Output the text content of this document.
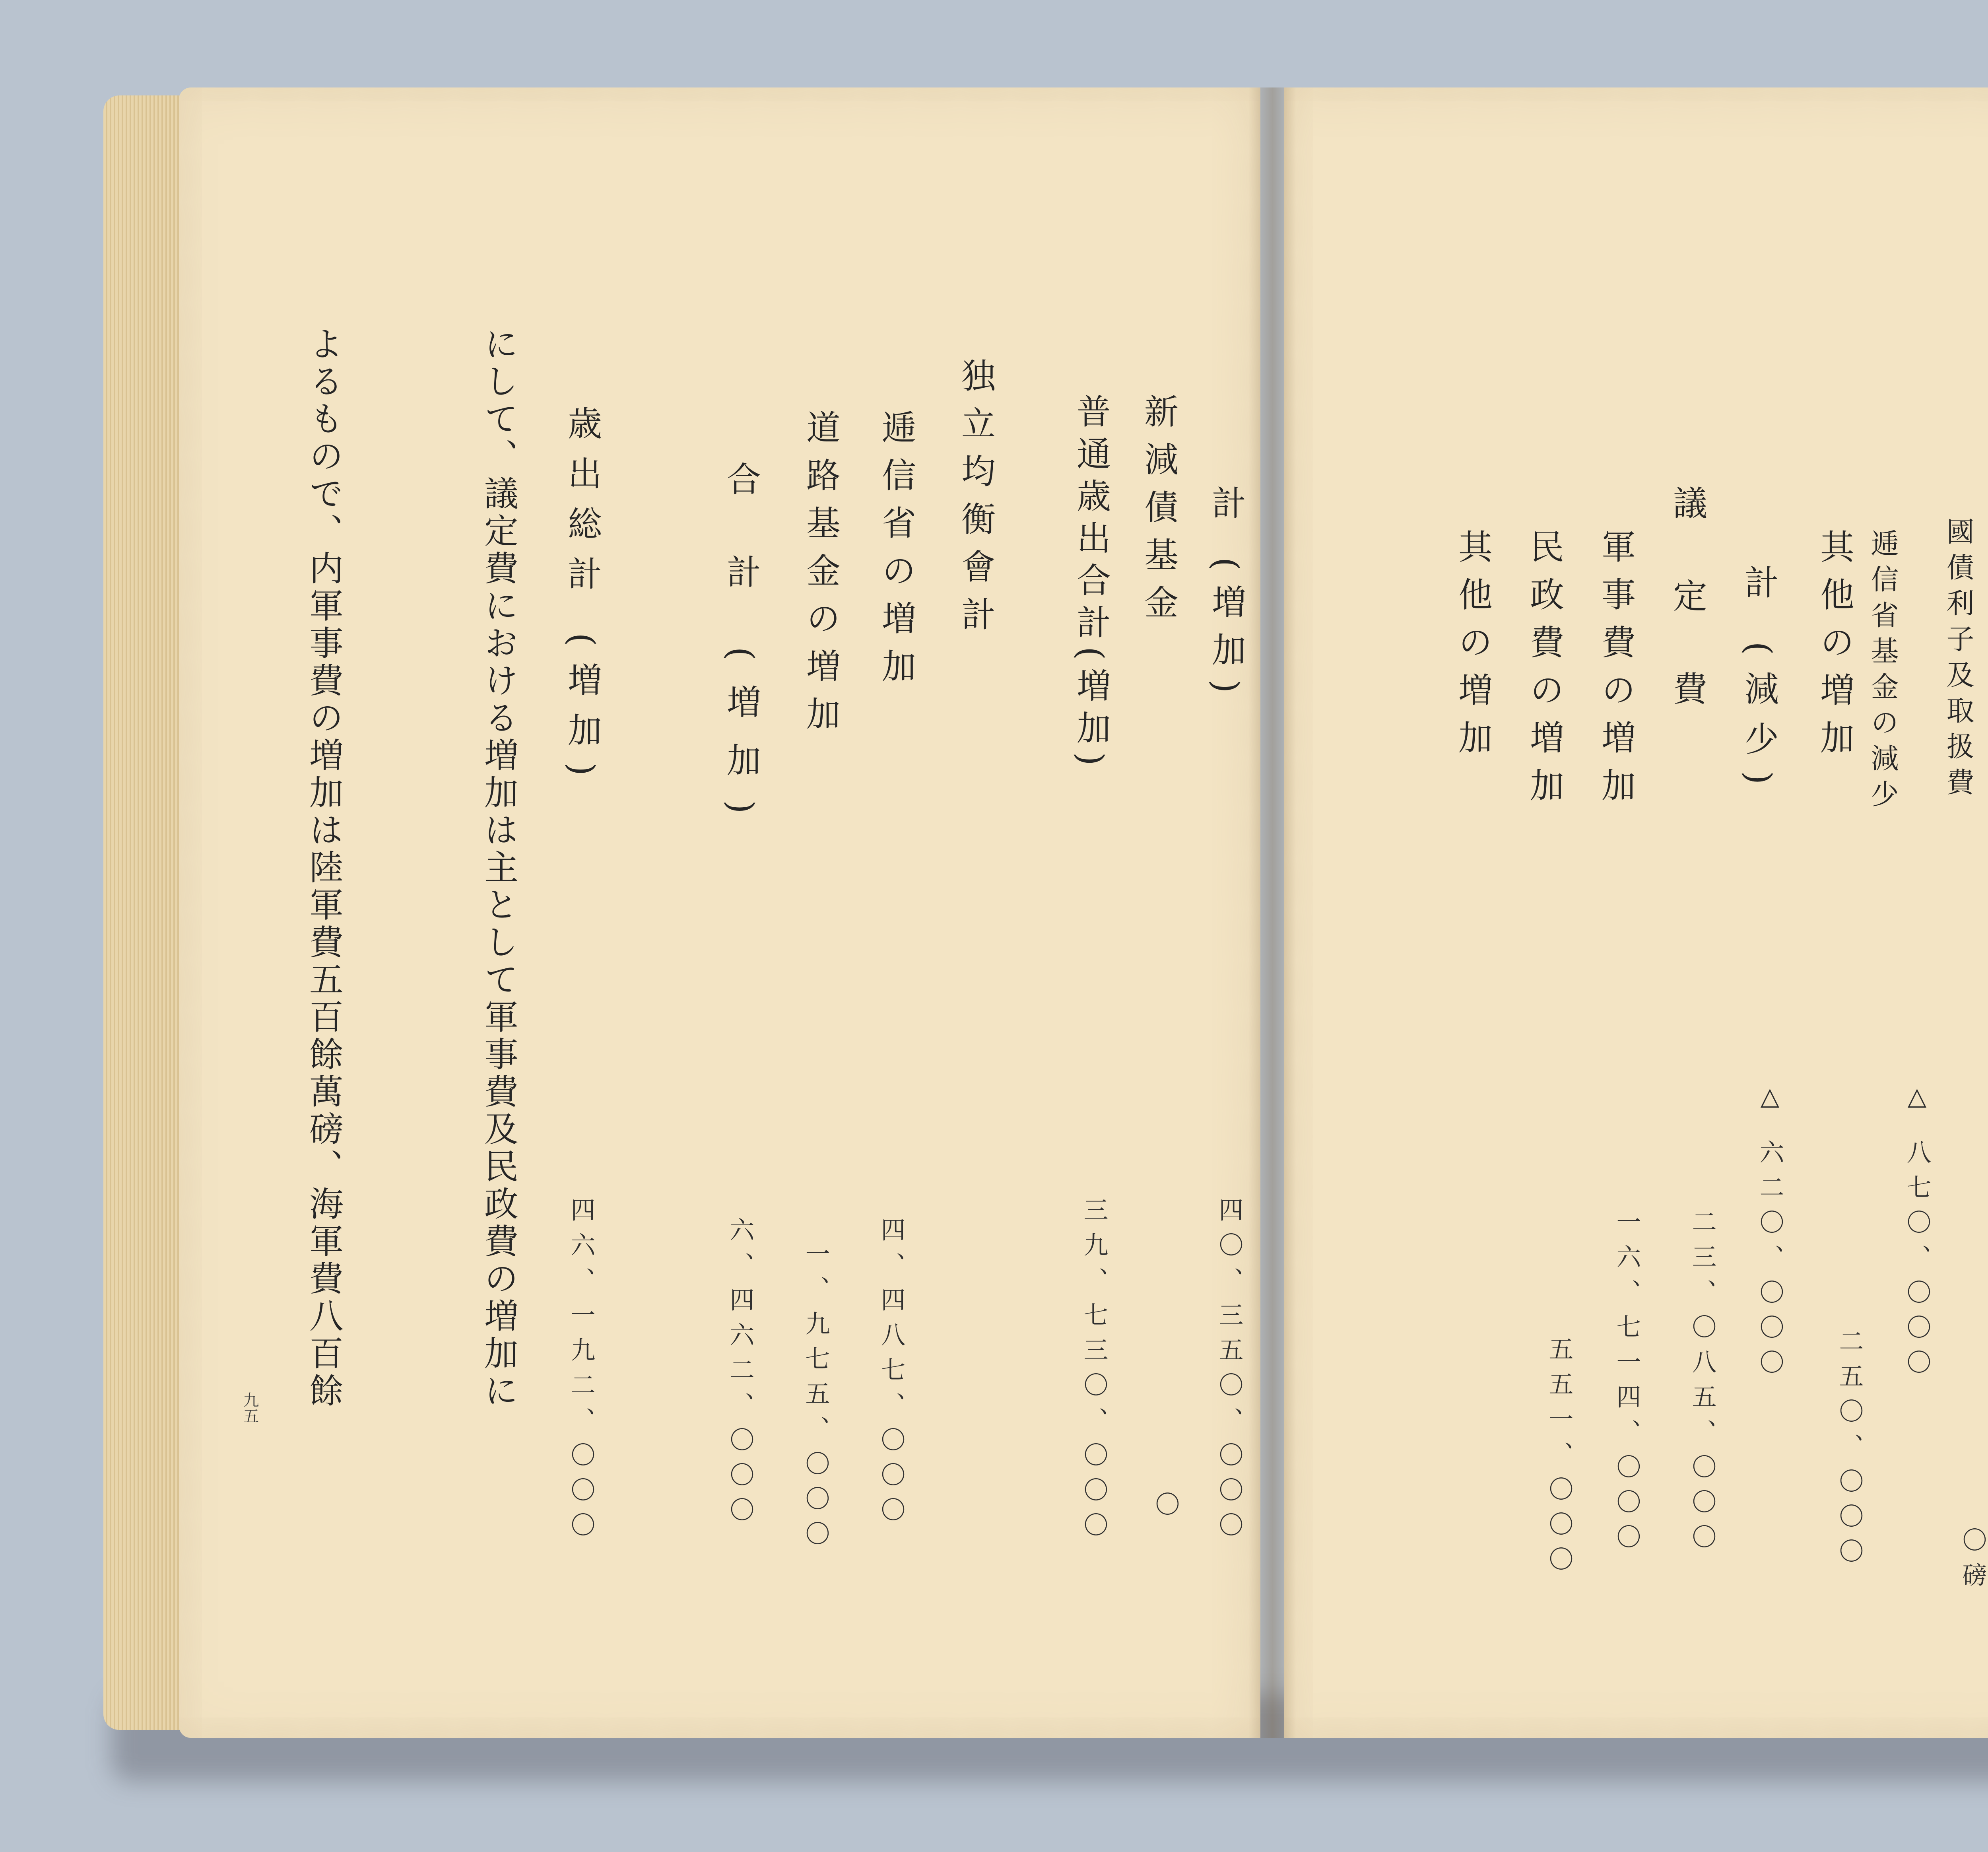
九五
計 (増加)
新減債基金
普通歳出合計(増加)
独立均衡會計
逓信省の増加
道路基金の増加
合 計 (増加)
歳出総計 (増加)
にして、議定費における増加は主として軍事費及民政費の増加に
よるもので、内軍事費の増加は陸軍費五百餘萬磅、海軍費八百餘	四〇、三五〇、〇〇〇
〇
三九、七三〇、〇〇〇
四、四八七、〇〇〇
一、九七五、〇〇〇
六、四六二、〇〇〇
四六、一九二、〇〇〇
國債利子及取扱費
逓信省基金の減少
其他の増加
計 (減少)
議 定 費
軍事費の増加
民政費の増加
其他の増加
〇磅
△ 八七〇、〇〇〇
二五〇、〇〇〇
△ 六二〇、〇〇〇
二三、〇八五、〇〇〇
一六、七一四、〇〇〇
五五一、〇〇〇
